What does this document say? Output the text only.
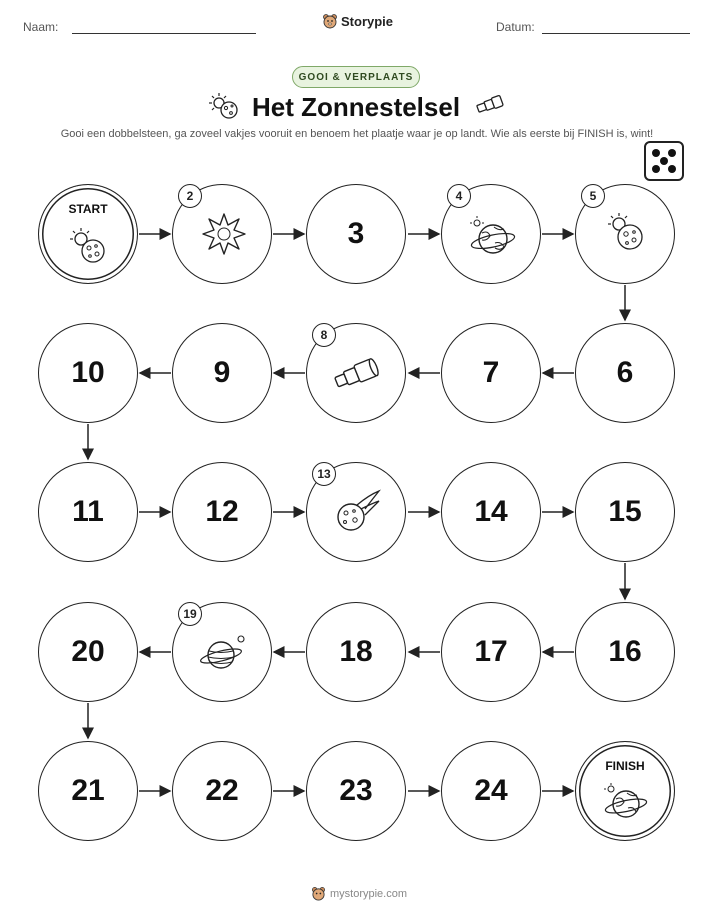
Naam:	Storypie	Datum:
GOOI & VERPLAATS
Het Zonnestelsel
Gooi een dobbelsteen, ga zoveel vakjes vooruit en benoem het plaatje waar je op landt. Wie als eerste bij FINISH is, wint!
START
2
3
4	5
10	9
8
7	6
11	12
13
14	15
20
19
18	17	16
21	22	23	24
FINISH
mystorypie.com
